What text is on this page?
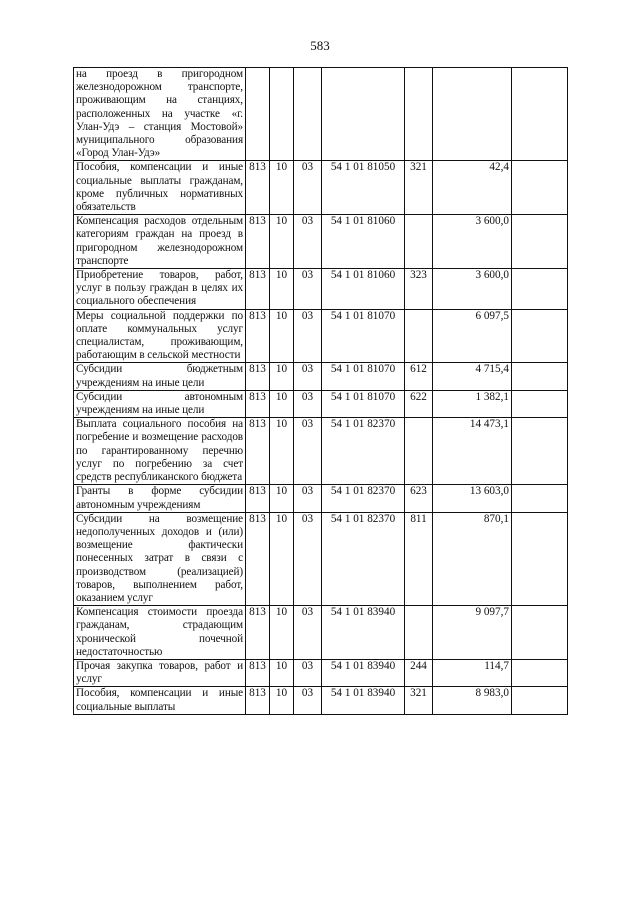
583
на проезд в пригородном железнодорожном транспорте, проживающим на станциях, расположенных на участке «г. Улан-Удэ – станция Мостовой» муниципального образования «Город Улан-Удэ»							
Пособия, компенсации и иные социальные выплаты гражданам, кроме публичных нормативных обязательств	813	10	03	54 1 01 81050	321	42,4	
Компенсация расходов отдельным категориям граждан на проезд в пригородном железнодорожном транспорте	813	10	03	54 1 01 81060		3 600,0	
Приобретение товаров, работ, услуг в пользу граждан в целях их социального обеспечения	813	10	03	54 1 01 81060	323	3 600,0	
Меры социальной поддержки по оплате коммунальных услуг специалистам, проживающим, работающим в сельской местности	813	10	03	54 1 01 81070		6 097,5	
Субсидии бюджетным учреждениям на иные цели	813	10	03	54 1 01 81070	612	4 715,4	
Субсидии автономным учреждениям на иные цели	813	10	03	54 1 01 81070	622	1 382,1	
Выплата социального пособия на погребение и возмещение расходов по гарантированному перечню услуг по погребению за счет средств республиканского бюджета	813	10	03	54 1 01 82370		14 473,1	
Гранты в форме субсидии автономным учреждениям	813	10	03	54 1 01 82370	623	13 603,0	
Субсидии на возмещение недополученных доходов и (или) возмещение фактически понесенных затрат в связи с производством (реализацией) товаров, выполнением работ, оказанием услуг	813	10	03	54 1 01 82370	811	870,1	
Компенсация стоимости проезда гражданам, страдающим хронической почечной недостаточностью	813	10	03	54 1 01 83940		9 097,7	
Прочая закупка товаров, работ и услуг	813	10	03	54 1 01 83940	244	114,7	
Пособия, компенсации и иные социальные выплаты	813	10	03	54 1 01 83940	321	8 983,0	
